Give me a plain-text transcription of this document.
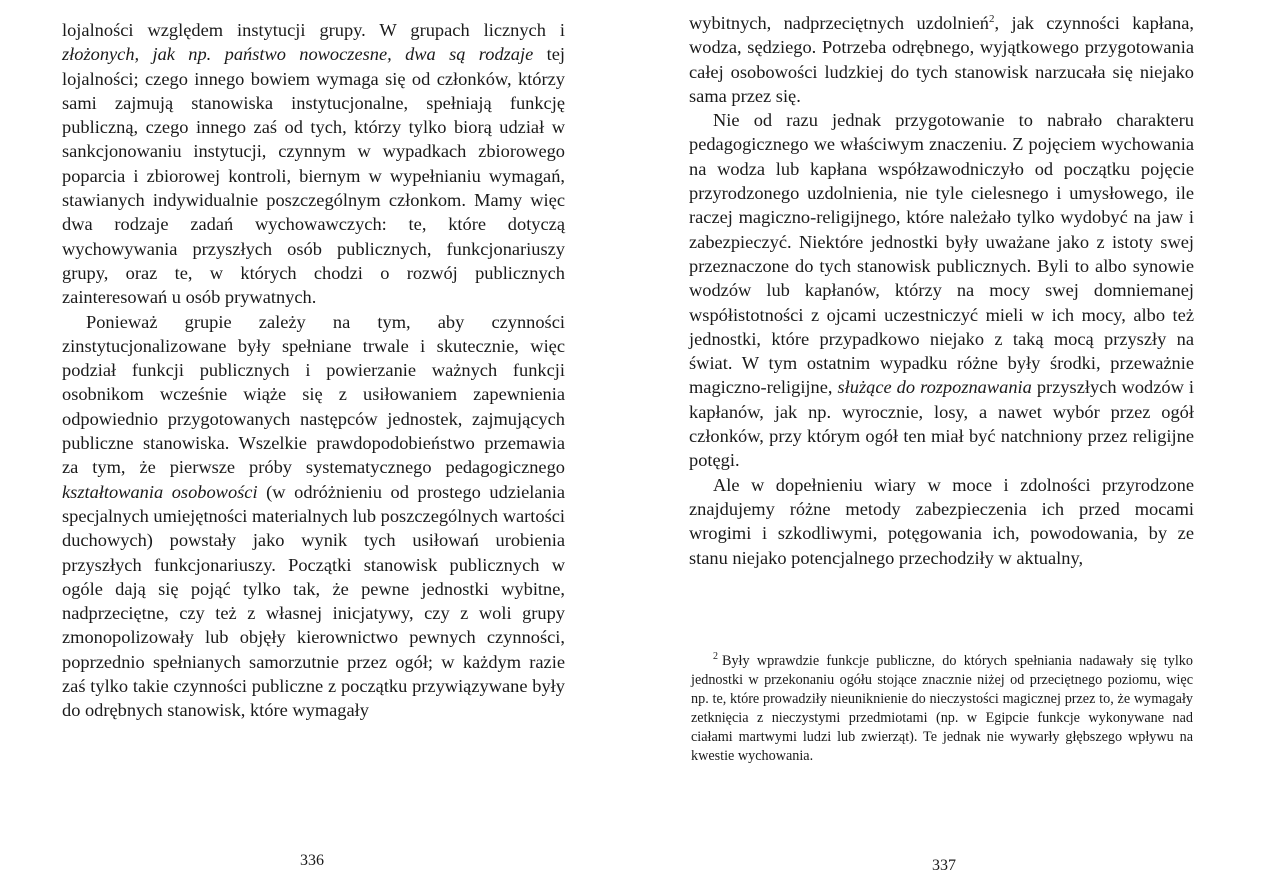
lojalności względem instytucji grupy. W grupach licznych i złożonych, jak np. państwo nowoczesne, dwa są rodzaje tej lojalności; czego innego bowiem wymaga się od członków, którzy sami zajmują stanowiska instytucjonalne, spełniają funkcję publiczną, czego innego zaś od tych, którzy tylko biorą udział w sankcjonowaniu instytucji, czynnym w wypadkach zbiorowego poparcia i zbiorowej kontroli, biernym w wypełnianiu wymagań, stawianych indywidualnie poszczególnym członkom. Mamy więc dwa rodzaje zadań wychowawczych: te, które dotyczą wychowywania przyszłych osób publicznych, funkcjonariuszy grupy, oraz te, w których chodzi o rozwój publicznych zainteresowań u osób prywatnych.

Ponieważ grupie zależy na tym, aby czynności zinstytucjonalizowane były spełniane trwale i skutecznie, więc podział funkcji publicznych i powierzanie ważnych funkcji osobnikom wcześnie wiąże się z usiłowaniem zapewnienia odpowiednio przygotowanych następców jednostek, zajmujących publiczne stanowiska. Wszelkie prawdopodobieństwo przemawia za tym, że pierwsze próby systematycznego pedagogicznego kształtowania osobowości (w odróżnieniu od prostego udzielania specjalnych umiejętności materialnych lub poszczególnych wartości duchowych) powstały jako wynik tych usiłowań urobienia przyszłych funkcjonariuszy. Początki stanowisk publicznych w ogóle dają się pojąć tylko tak, że pewne jednostki wybitne, nadprzeciętne, czy też z własnej inicjatywy, czy z woli grupy zmonopolizowały lub objęły kierownictwo pewnych czynności, poprzednio spełnianych samorzutnie przez ogół; w każdym razie zaś tylko takie czynności publiczne z początku przywiązywane były do odrębnych stanowisk, które wymagały

336

wybitnych, nadprzeciętnych uzdolnień$^2$, jak czynności kapłana, wodza, sędziego. Potrzeba odrębnego, wyjątkowego przygotowania całej osobowości ludzkiej do tych stanowisk narzucała się niejako sama przez się.

Nie od razu jednak przygotowanie to nabrało charakteru pedagogicznego we właściwym znaczeniu. Z pojęciem wychowania na wodza lub kapłana współzawodniczyło od początku pojęcie przyrodzonego uzdolnienia, nie tyle cielesnego i umysłowego, ile raczej magiczno-religijnego, które należało tylko wydobyć na jaw i zabezpieczyć. Niektóre jednostki były uważane jako z istoty swej przeznaczone do tych stanowisk publicznych. Byli to albo synowie wodzów lub kapłanów, którzy na mocy swej domniemanej współistotności z ojcami uczestniczyć mieli w ich mocy, albo też jednostki, które przypadkowo niejako z taką mocą przyszły na świat. W tym ostatnim wypadku różne były środki, przeważnie magiczno-religijne, służące do rozpoznawania przyszłych wodzów i kapłanów, jak np. wyrocznie, losy, a nawet wybór przez ogół członków, przy którym ogół ten miał być natchniony przez religijne potęgi.

Ale w dopełnieniu wiary w moce i zdolności przyrodzone znajdujemy różne metody zabezpieczenia ich przed mocami wrogimi i szkodliwymi, potęgowania ich, powodowania, by ze stanu niejako potencjalnego przechodziły w aktualny,

$^2$ Były wprawdzie funkcje publiczne, do których spełniania nadawały się tylko jednostki w przekonaniu ogółu stojące znacznie niżej od przeciętnego poziomu, więc np. te, które prowadziły nieuniknienie do nieczystości magicznej przez to, że wymagały zetknięcia z nieczystymi przedmiotami (np. w Egipcie funkcje wykonywane nad ciałami martwymi ludzi lub zwierząt). Te jednak nie wywarły głębszego wpływu na kwestie wychowania.

337
